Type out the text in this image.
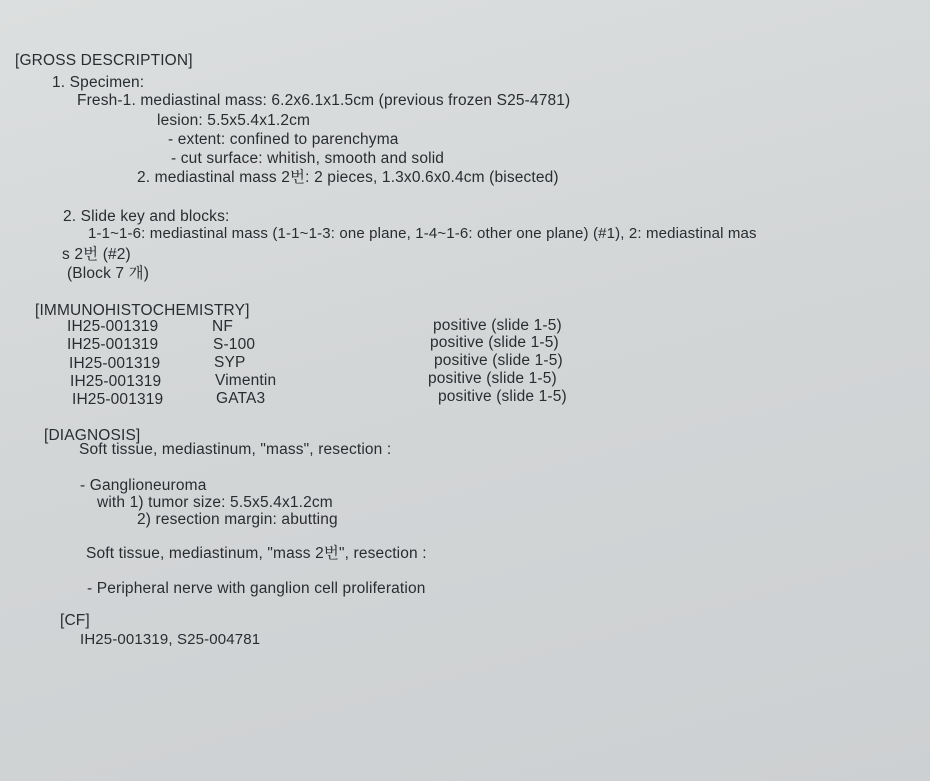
[GROSS DESCRIPTION]
1. Specimen:
Fresh-1. mediastinal mass: 6.2x6.1x1.5cm (previous frozen S25-4781)
lesion: 5.5x5.4x1.2cm
- extent: confined to parenchyma
- cut surface: whitish, smooth and solid
2. mediastinal mass 2번: 2 pieces, 1.3x0.6x0.4cm (bisected)
2. Slide key and blocks:
1-1~1-6: mediastinal mass (1-1~1-3: one plane, 1-4~1-6: other one plane) (#1), 2: mediastinal mas
s 2번 (#2)
(Block 7 개)
[IMMUNOHISTOCHEMISTRY]
IH25-001319	NF	positive (slide 1-5)
IH25-001319	S-100	positive (slide 1-5)
IH25-001319	SYP	positive (slide 1-5)
IH25-001319	Vimentin	positive (slide 1-5)
IH25-001319	GATA3	positive (slide 1-5)
[DIAGNOSIS]
Soft tissue, mediastinum, "mass", resection :
- Ganglioneuroma
with 1) tumor size: 5.5x5.4x1.2cm
2) resection margin: abutting
Soft tissue, mediastinum, "mass 2번", resection :
- Peripheral nerve with ganglion cell proliferation
[CF]
IH25-001319, S25-004781
